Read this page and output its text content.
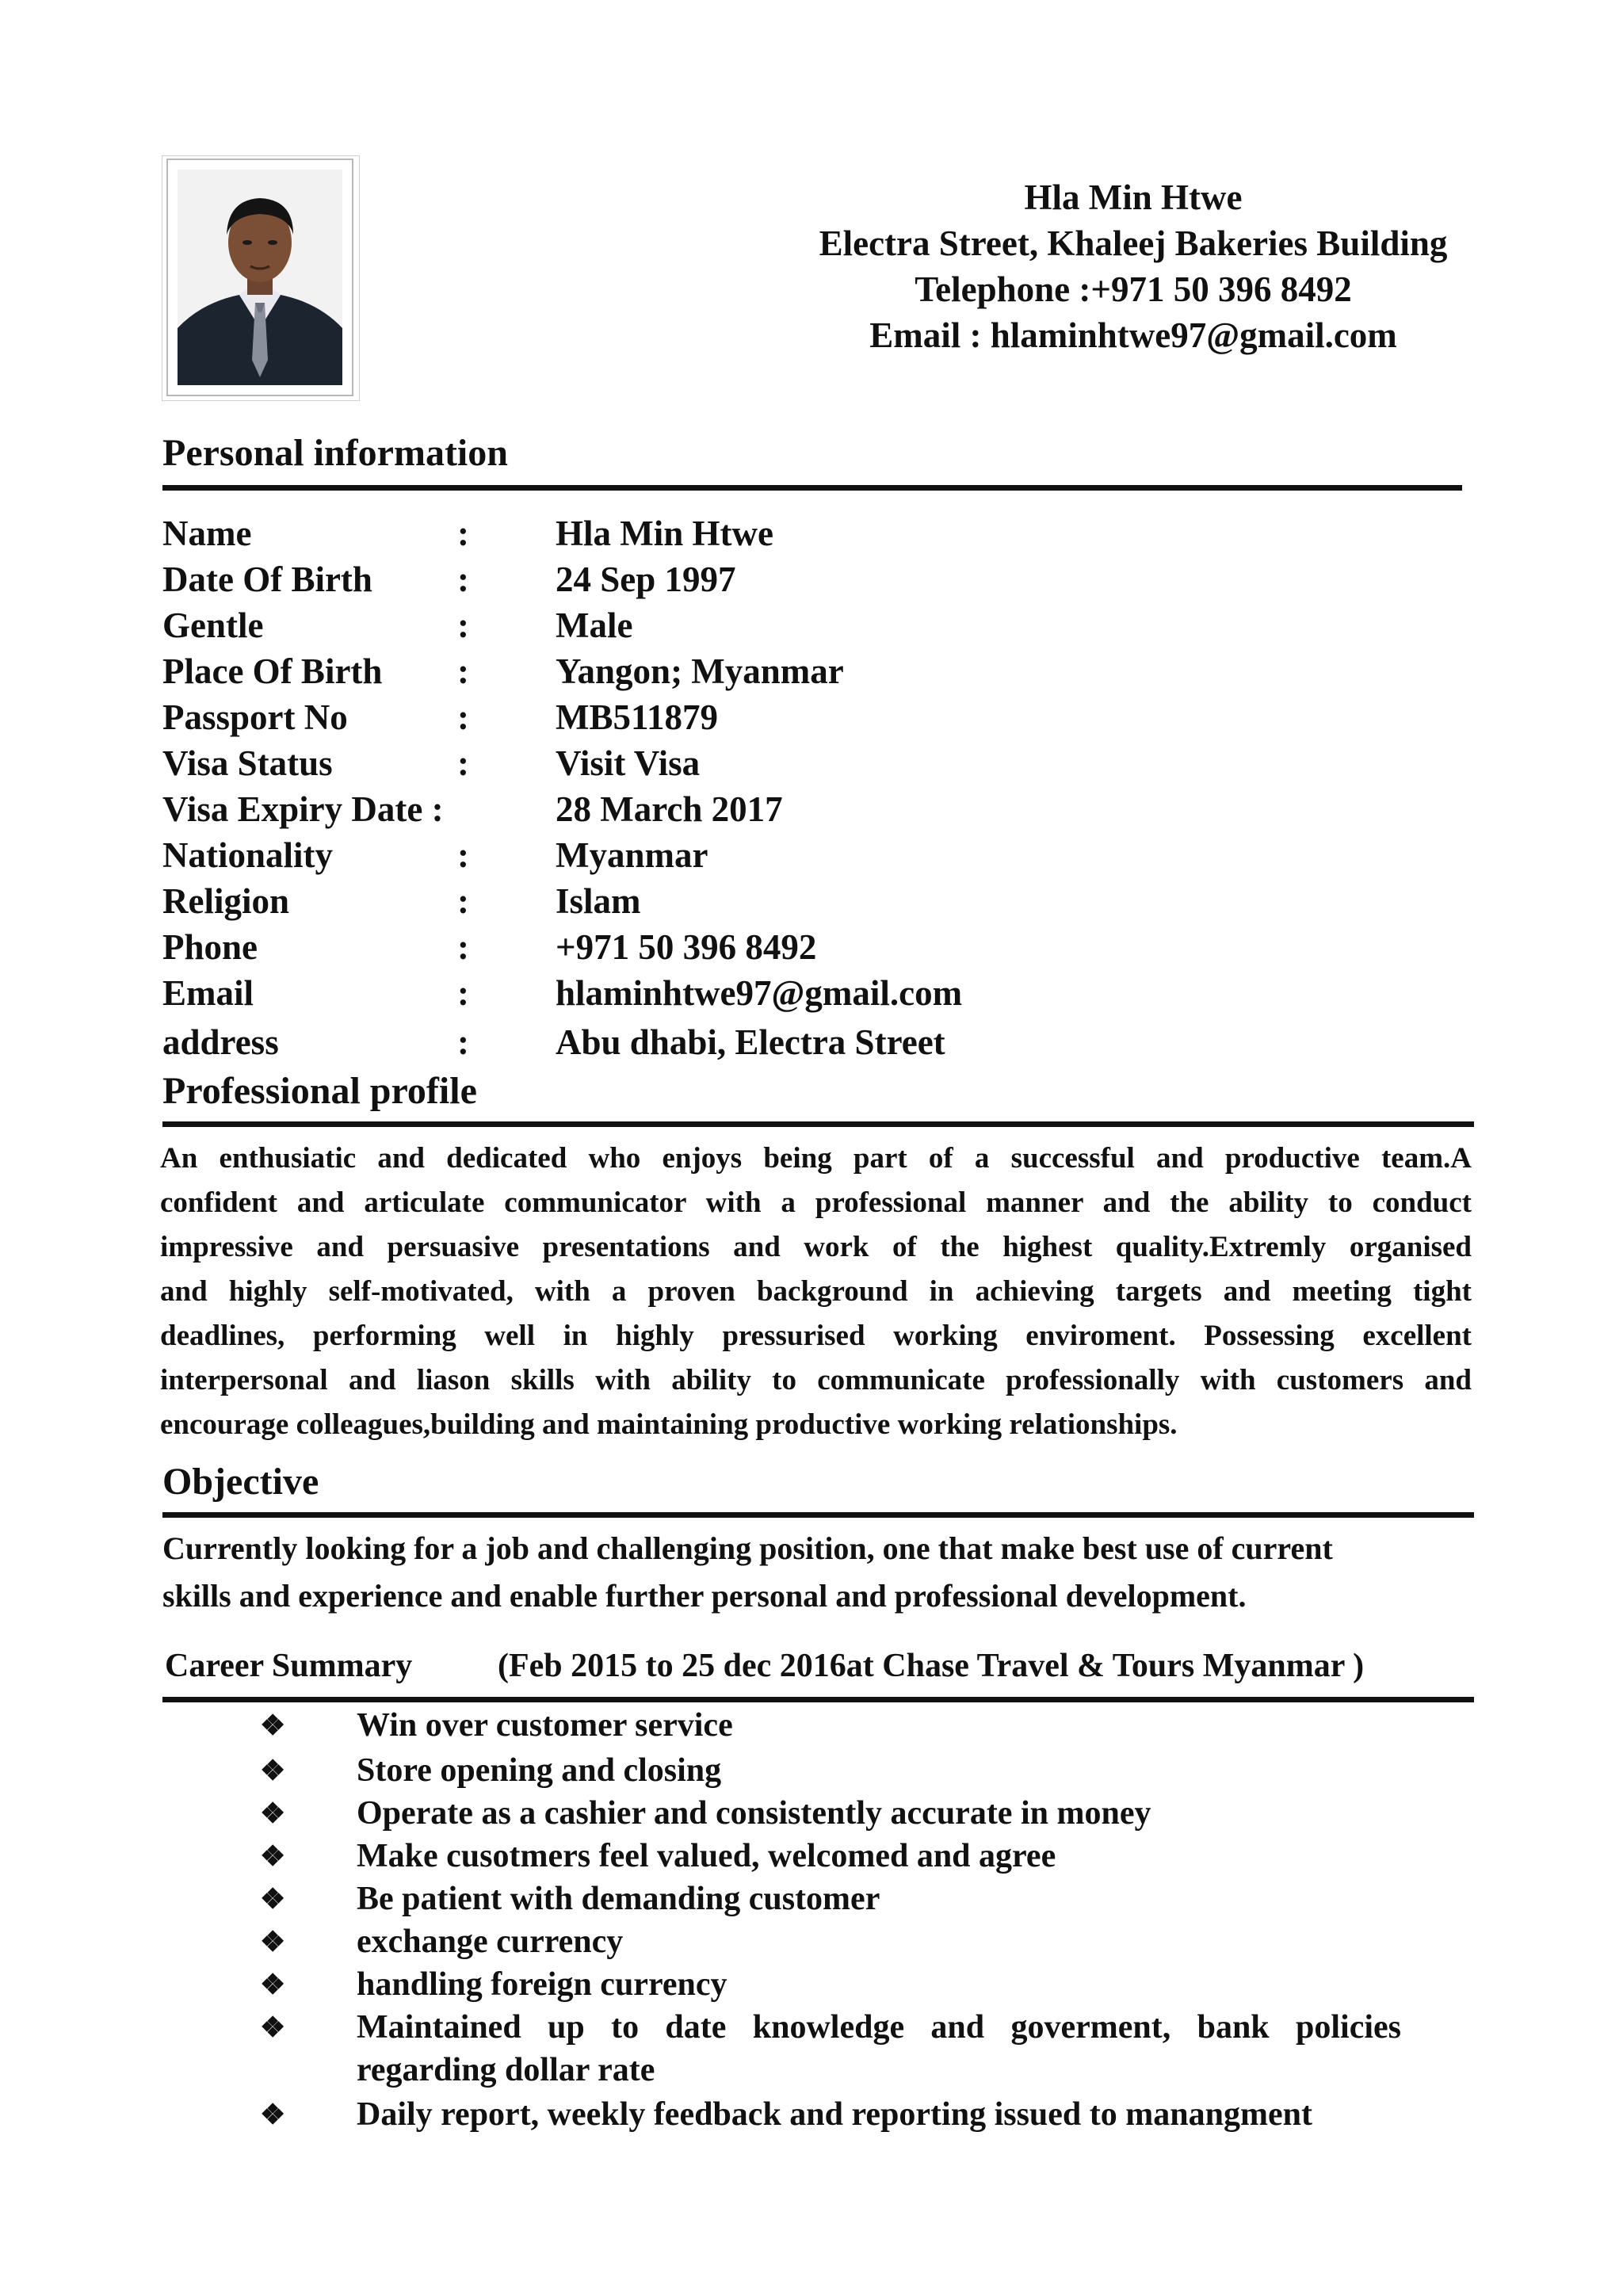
Hla Min Htwe
Electra Street, Khaleej Bakeries Building
Telephone :+971 50 396 8492
Email : hlaminhtwe97@gmail.com
Personal information
Name	: Hla Min Htwe
Date Of Birth : 24 Sep 1997
Gentle	: Male
Place Of Birth : Yangon; Myanmar
Passport No	: MB511879
Visa Status	: Visit Visa
Visa Expiry Date :	28 March 2017
Nationality	: Myanmar
Religion	: Islam
Phone	: +971 50 396 8492
Email	: hlaminhtwe97@gmail.com
address	: Abu dhabi, Electra Street
Professional profile
An enthusiatic and dedicated who enjoys being part of a successful and productive team.A
confident and articulate communicator with a professional manner and the ability to conduct
impressive and persuasive presentations and work of the highest quality.Extremly organised
and highly self-motivated, with a proven background in achieving targets and meeting tight
deadlines, performing well in highly pressurised working enviroment. Possessing excellent
interpersonal and liason skills with ability to communicate professionally with customers and
encourage colleagues,building and maintaining productive working relationships.
Objective
Currently looking for a job and challenging position, one that make best use of current
skills and experience and enable further personal and professional development.
Career Summary	(Feb 2015 to 25 dec 2016at Chase Travel & Tours Myanmar )
❖ Win over customer service
❖ Store opening and closing
❖ Operate as a cashier and consistently accurate in money
❖ Make cusotmers feel valued, welcomed and agree
❖ Be patient with demanding customer
❖ exchange currency
❖ handling foreign currency
❖ Maintained up to date knowledge and goverment, bank policies
regarding dollar rate
❖ Daily report, weekly feedback and reporting issued to manangment
